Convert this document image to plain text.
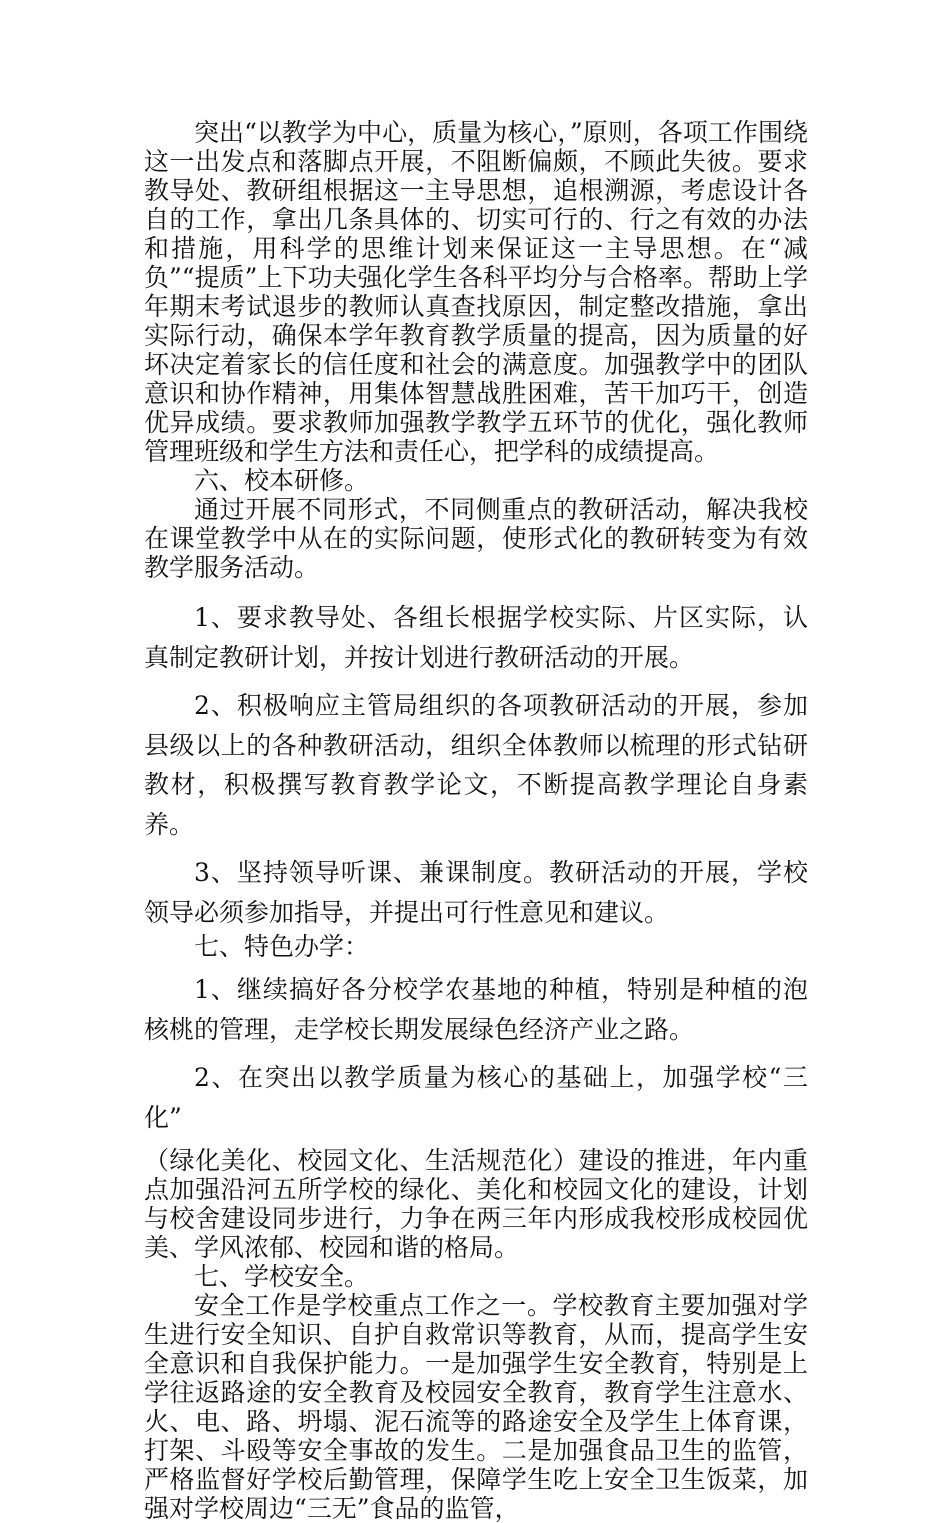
突出“以教学为中心，质量为核心，”原则，各项工作围绕这一出发点和落脚点开展，不阻断偏颇，不顾此失彼。要求教导处、教研组根据这一主导思想，追根溯源，考虑设计各自的工作，拿出几条具体的、切实可行的、行之有效的办法和措施，用科学的思维计划来保证这一主导思想。在“减负”“提质”上下功夫强化学生各科平均分与合格率。帮助上学年期末考试退步的教师认真查找原因，制定整改措施，拿出实际行动，确保本学年教育教学质量的提高，因为质量的好坏决定着家长的信任度和社会的满意度。加强教学中的团队意识和协作精神，用集体智慧战胜困难，苦干加巧干，创造优异成绩。要求教师加强教学教学五环节的优化，强化教师管理班级和学生方法和责任心，把学科的成绩提高。

六、校本研修。

通过开展不同形式，不同侧重点的教研活动，解决我校在课堂教学中从在的实际问题，使形式化的教研转变为有效教学服务活动。

1、要求教导处、各组长根据学校实际、片区实际，认真制定教研计划，并按计划进行教研活动的开展。

2、积极响应主管局组织的各项教研活动的开展，参加县级以上的各种教研活动，组织全体教师以梳理的形式钻研教材，积极撰写教育教学论文，不断提高教学理论自身素养。

3、坚持领导听课、兼课制度。教研活动的开展，学校领导必须参加指导，并提出可行性意见和建议。

七、特色办学：

1、继续搞好各分校学农基地的种植，特别是种植的泡核桃的管理，走学校长期发展绿色经济产业之路。

2、在突出以教学质量为核心的基础上，加强学校“三化”

（绿化美化、校园文化、生活规范化）建设的推进，年内重点加强沿河五所学校的绿化、美化和校园文化的建设，计划与校舍建设同步进行，力争在两三年内形成我校形成校园优美、学风浓郁、校园和谐的格局。

七、学校安全。

安全工作是学校重点工作之一。学校教育主要加强对学生进行安全知识、自护自救常识等教育，从而，提高学生安全意识和自我保护能力。一是加强学生安全教育，特别是上学往返路途的安全教育及校园安全教育，教育学生注意水、火、电、路、坍塌、泥石流等的路途安全及学生上体育课，打架、斗殴等安全事故的发生。二是加强食品卫生的监管，严格监督好学校后勤管理，保障学生吃上安全卫生饭菜，加强对学校周边“三无”食品的监管，
